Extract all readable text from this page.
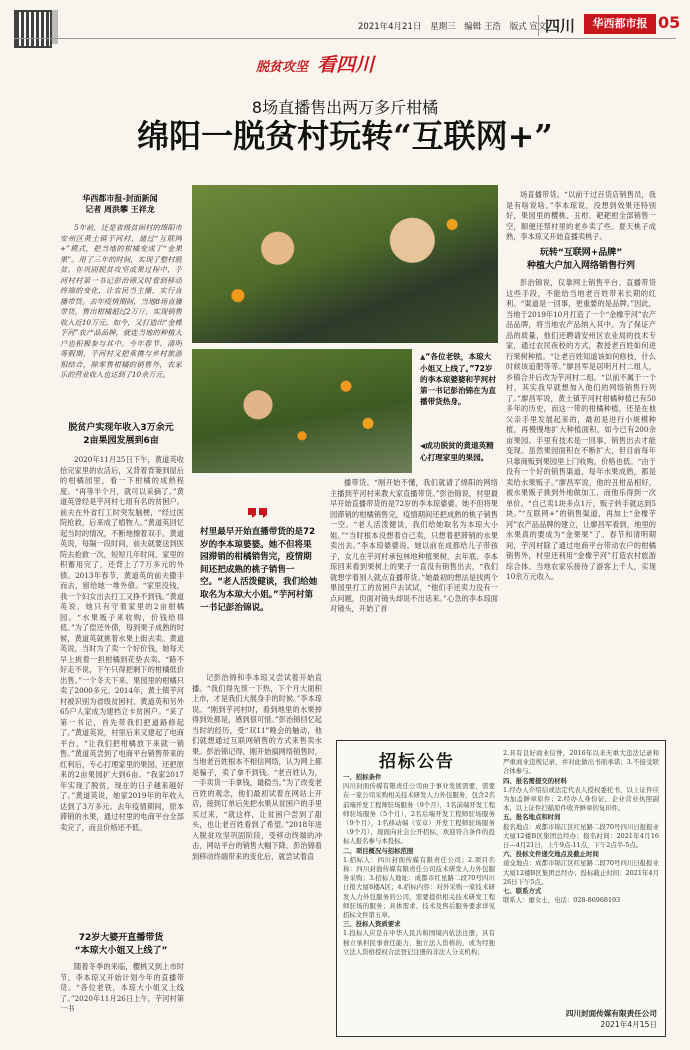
2021年4月21日 星期三 编辑 王浩 版式 宣文
四川	华西都市报 05
脱贫攻坚 看四川
8场直播售出两万多斤柑橘
绵阳一脱贫村玩转“互联网+”
华西都市报-封面新闻
记者 周洪攀 王祥龙

5年前，还是省级贫困村的绵阳市安州区黄土镇芋河村，通过“互联网+”模式，把当地的柑橘变成了“金果果”。用了三年的时间，实现了整村脱贫。在巩固脱贫攻坚成果过程中，芋河村村第一书记彭治锦又时看到移动终端的变化，让农民当主播，实行直播带货。去年疫情期间，当地8场直播带货，售出柑橘超过2万斤，实现销售收入近10万元。如今，又打造出“金橡芋河”农产品品牌，就连当地的种植大户也积极参与其中。今年春节、清明等假期，芋河村又把乘携与乡村旅游相结合，除零售柑橘的销售外，农家乐的营业收入也达到了10余万元。

▲“各位老铁，本琼大小姐又上线了。”72岁的李本琼婆婆和芋河村第一书记彭治锦在为直播带货热身。
◀成功脱贫的黄道英精心打理家里的果园。
脱贫户实现年收入3万余元
2亩果园发展到6亩

2020年11月25日下午，黄道英收拾完家里的农活后，又背着背篓到屋后的柑橘园里，看一下柑橘的成熟程度。“再等半个月，就可以采摘了。”黄道英曾经是芋河村七组有名的贫困户。前夫在外省打工时突发脑梗，“经过医院抢救，后来成了植物人。”黄道英回忆起当时的情况，不断地擦着双手。黄道英说，每隔一段时间，前夫就要送到医院去抢救一次，短短几年时间，家里的积蓄用完了，还背上了7万多元的外债。2013年春节，黄道英的前夫撒手而去，留给她一堆外债。“家里没钱，我一个妇女出去打工又挣不到钱。”黄道英说，她只有守着家里的2亩柑橘园。“水果贩子来收购，价钱给得低。”为了偿还外债，每到果子成熟的时候，黄道英就挑着水果上街去卖。黄道英说，当时为了卖一个好价钱，她每天早上挑着一担柑橘到花垫去卖。“路不好走不说，下午只得把剩下的柑橘低价出售。”一个冬天下来，果园里的柑橘只卖了2000多元。2014年，黄土镇芋河村被识别为省级贫困村，黄道英和另外65户人家成为建档立卡贫困户。“来了第一书记，首先带我们把道路修起了。”黄道英说，村里后来又建起了电商平台，“让我们把柑橘放下来就一销售。”黄道英尝到了电商平台销售带来的红利后，专心打理家里的果园，还把原来的2亩果园扩大到6亩。“我家2017年实现了脱贫，现在的日子越来越好了。”黄道英说，她家2019年的年收入达到了3万多元。去年疫情期间，原本滞销的水果，通过村里的电商平台全部卖完了，而且价格还不低。

72岁大婆开直播带货
“本琼大小姐又上线了”

随着冬季的来临，樱桃又到上市时节，李本琼又开始计划今年的直播带货。“各位老铁，本琼大小姐又上线了。”2020年11月26日上午，芋河村第一书

村里最早开始直播带货的是72岁的李本琼婆婆。她不但将果园滞销的柑橘销售完，疫情期间还把成熟的桃子销售一空。“老人活泼健谈，我们给她取名为本琼大小姐。”芋河村第一书记彭治锦说。

记彭治锦和李本琼又尝试着开始直播。“我们得先预一下热，下个月大面积上市，才是我们大展身手的时候。”李本琼说。“刚到芋河村时，看到地里的水果掉得到处都是，感到很可惜。”彭治锦回忆起当时的经历，受“双11”晚会的触动，他们就想通过互联网销售的方式来售卖水果。彭治锦记得，刚开始搞网络销售时，当地老百姓根本不相信网络，认为网上都是骗子，卖了拿不到钱。“老百姓认为，一手卖货一手拿钱，最稳当。”为了改变老百姓的观念，他们最初试着在网站上开店，接到订单后先把水果从贫困户的手里买过来，“就这样，让贫困户尝到了甜头，也让老百姓看到了希望。”2018年进入脱贫攻坚巩固阶段，受移动终端的冲击，网站平台的销售大幅下降。彭治锦看到移动终端带来的变化后，就尝试着直

播带货。“刚开始不懂，我们就请了绵阳的网络主播到芋河村来教大家直播带货。”彭治锦说，村里最早开始直播带货的是72岁的李本琼婆婆。她不但将果园滞销的柑橘销售完，疫情期间还把成熟的桃子销售一空。“老人活泼健谈，我们给她取名为本琼大小姐。”“当时根本没想着自己卖，只想着把滞销的水果卖出去。”李本琼婆婆说，她以前在成都给儿子带孩子，女儿在芋河村承包林地种植果树。去年底，李本琼回来看到果树上的果子一直没有销售出去，“我们就想学着别人就点直播带货。”她最初的想法是找两个果园里打工的贫困户去试试，“他们手还卖力没有一点问题，但面对镜头却说不出话来。”心急的李本琼面对镜头，开始了首

场直播带货。“以前干过百货店销售员，我是有啥说啥。”李本琼说，没想到效果还特别好，果园里的樱桃、丑柑、耙耙柑全部销售一空，顺便还帮村里的老乡卖了些。夏天桃子成熟，李本琼又开始直播卖桃子。

玩转“互联网+品牌”
种植大户加入网络销售行列

彭治锦说，仅靠网上销售平台、直播带货这些手段，不能给当地老百姓带来长期的红利。“渠道是一回事，更重要的是品牌。”因此，当地于2019年10月打造了一个“金橡芋河”农产品品牌，将当地农产品纳入其中。为了保证产品的质量，他们还聘请安州区农业局的技术专家，通过农民夜校的方式，教授老百姓如何进行果树种植。“让老百姓知道该如何修枝，什么时候该追肥等等。”廖昌军是居明月村二组人，乡镇合并后改为芋河村二组。“以前不属于一个村，其实我早就想加入他们的网络销售行列了。”廖昌军说，黄土镇芋河村柑橘种植已有50多年的历史，而这一带的柑橘种植，还是在他父亲手里发展起来的，最初是进行小规模种植，再慢慢地扩大种植面积，如今已有200余亩果园。手里有技术是一回事，销售出去才能变现。虽然果园面积在不断扩大，但目前每年只靠商贩到果园里上门收购，价格也低。“由于没有一个好的销售渠道，每年水果成熟，都是卖给水果贩子。”廖昌军说，他的丑柑品相好，被水果贩子挑到外地做加工，而他乐得到一次单价。“自己卖1块多点1斤，贩子转手就达到5块。”“互联网+”的销售渠道，再加上“金橡芋河”农产品品牌的建立，让廖昌军看到，地里的水果真的要成为“金果果”了。春节和清明期间，芋河村除了通过电商平台带动农户的柑橘销售外，村里还利用“金橡芋河”打造农村旅游综合体。当地农家乐接待了游客上千人，实现10余万元收入。

招标公告
一、招标条件
四川封面传媒有限责任公司由于事业发展需要，需要在一家公司采购相关技术研发人力外包服务，包含2名前端开发工程师驻场服务（9个月），1名前端开发工程师驻场服务（5个月），2名后端开发工程师驻场服务（9个月），1名移动端（安卓）开发工程师驻场服务（9个月），现面向社会公开招标，欢迎符合条件的投标人报名参与本投标。
二、项目概况与招标范围
1.招标人：四川封面传媒有限责任公司；2.项目名称：四川封面传媒有限责任公司技术研发人力外包服务采购；3.招标人地址：成都市红星路二段70号四川日报大厦8楼A区；4.招标内容：对外采购一家技术研发人力外包服务的公司，需要提供相关技术研发工程师驻场的服务；具体需求、技术及售后服务要求详见招标文件第五章。
三、投标人资质要求
1.投标人应是在中华人民共和国境内依法注册，具有独立承担民事责任能力，独立法人资格的，或为经独立法人资格授权合法登记注册的非法人分支机构；
2.具有良好商业信誉，2016年以来无重大违法记录和严重商业违规记录，并对此做出书面承诺；3.不接受联合体参与。
四、报名需提交的材料
1.经办人介绍信或法定代表人授权委托书，以上证件应为加盖鲜章原件；2.经办人身份证，企业营业执照副本，以上证件扫描原件收齐鲜章的复印件。
五、报名地点和时间
报名地点：成都市锦江区红星路二段70号四川日报报业大厦12楼B区集团总经办；报名时间：2021年4月16日—4月21日，上午9点-11点，下午2点半-5点。
六、投标文件递交地点及截止时间
递交地点：成都市锦江区红星路二段70号四川日报报业大厦12楼B区集团总经办；投标截止时间：2021年4月26日下午5点。
七、联系方式
联系人：廖女士，电话：028-86968193
四川封面传媒有限责任公司
2021年4月15日
